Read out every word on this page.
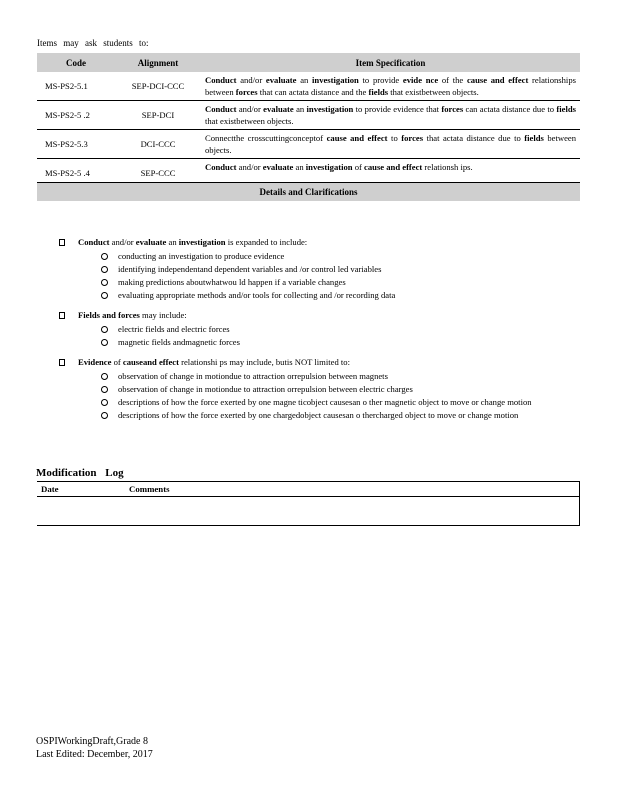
Items may ask students to:
Code	Alignment	Item Specification
MS-PS2-5.1	SEP-DCI-CCC	Conduct and/or evaluate an investigation to provide evide nce of the cause and effect relationships between forces that can actata distance and the fields that existbetween objects.
MS-PS2-5 .2	SEP-DCI	Conduct and/or evaluate an investigation to provide evidence that forces can actata distance due to fields that existbetween objects.
MS-PS2-5.3	DCI-CCC	Connectthe crosscuttingconceptof cause and effect to forces that actata distance due to fields between objects.
MS-PS2-5 .4	SEP-CCC	Conduct and/or evaluate an investigation of cause and effect relationsh ips.
Details and Clarifications		
Conduct and/or evaluate an investigation is expanded to include:
conducting an investigation to produce evidence
identifying independentand dependent variables and /or control led variables
making predictions aboutwhatwou ld happen if a variable changes
evaluating appropriate methods and/or tools for collecting and /or recording data
Fields and forces may include:
electric fields and electric forces
magnetic fields andmagnetic forces
Evidence of causeand effect relationshi ps may include, butis NOT limited to:
observation of change in motiondue to attraction orrepulsion between magnets
observation of change in motiondue to attraction orrepulsion between electric charges
descriptions of how the force exerted by one magne ticobject causesan o ther magnetic object to move or change motion
descriptions of how the force exerted by one chargedobject causesan o thercharged object to move or change motion
Modification Log
Date	Comments

OSPIWorkingDraft,Grade 8
Last Edited: December, 2017
